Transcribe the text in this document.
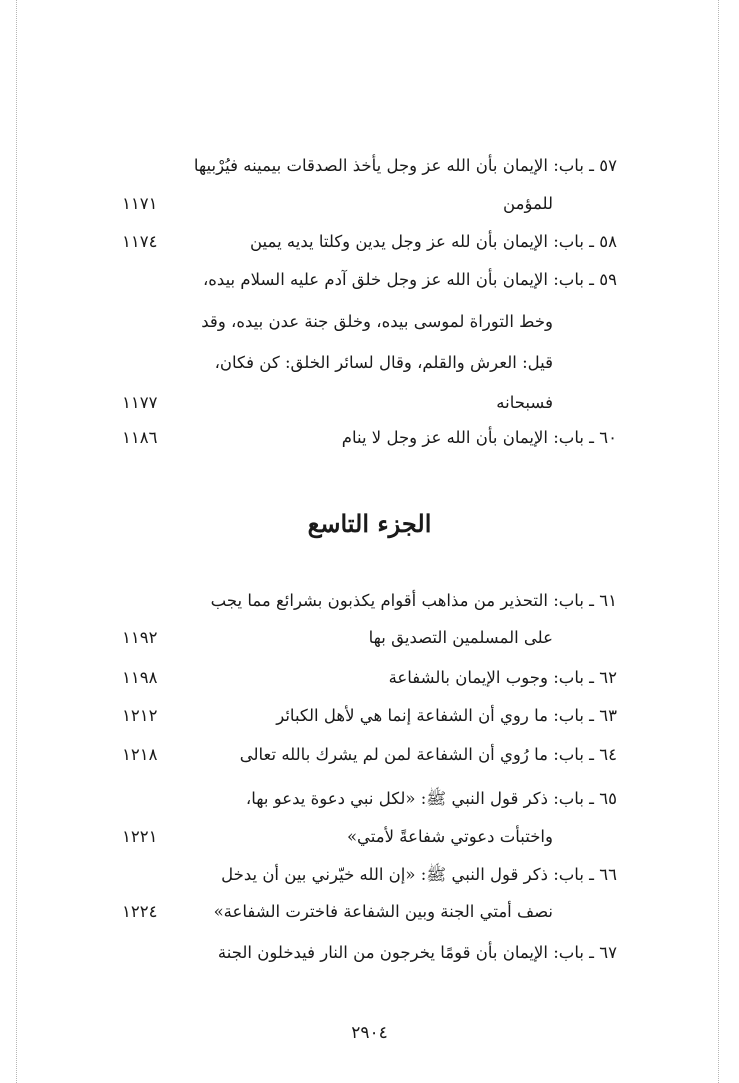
٥٧ ـ باب: الإيمان بأن الله عز وجل يأخذ الصدقات بيمينه فيُرْبيها
للمؤمن
١١٧١
٥٨ ـ باب: الإيمان بأن لله عز وجل يدين وكلتا يديه يمين
١١٧٤
٥٩ ـ باب: الإيمان بأن الله عز وجل خلق آدم عليه السلام بيده،
وخط التوراة لموسى بيده، وخلق جنة عدن بيده، وقد
قيل: العرش والقلم، وقال لسائر الخلق: كن فكان،
فسبحانه
١١٧٧
٦٠ ـ باب: الإيمان بأن الله عز وجل لا ينام
١١٨٦
الجزء التاسع
٦١ ـ باب: التحذير من مذاهب أقوام يكذبون بشرائع مما يجب
على المسلمين التصديق بها
١١٩٢
٦٢ ـ باب: وجوب الإيمان بالشفاعة
١١٩٨
٦٣ ـ باب: ما روي أن الشفاعة إنما هي لأهل الكبائر
١٢١٢
٦٤ ـ باب: ما رُوي أن الشفاعة لمن لم يشرك بالله تعالى
١٢١٨
٦٥ ـ باب: ذكر قول النبي ﷺ: «لكل نبي دعوة يدعو بها،
واختبأت دعوتي شفاعةً لأمتي»
١٢٢١
٦٦ ـ باب: ذكر قول النبي ﷺ: «إن الله خيّرني بين أن يدخل
نصف أمتي الجنة وبين الشفاعة فاخترت الشفاعة»
١٢٢٤
٦٧ ـ باب: الإيمان بأن قومًا يخرجون من النار فيدخلون الجنة
٢٩٠٤
